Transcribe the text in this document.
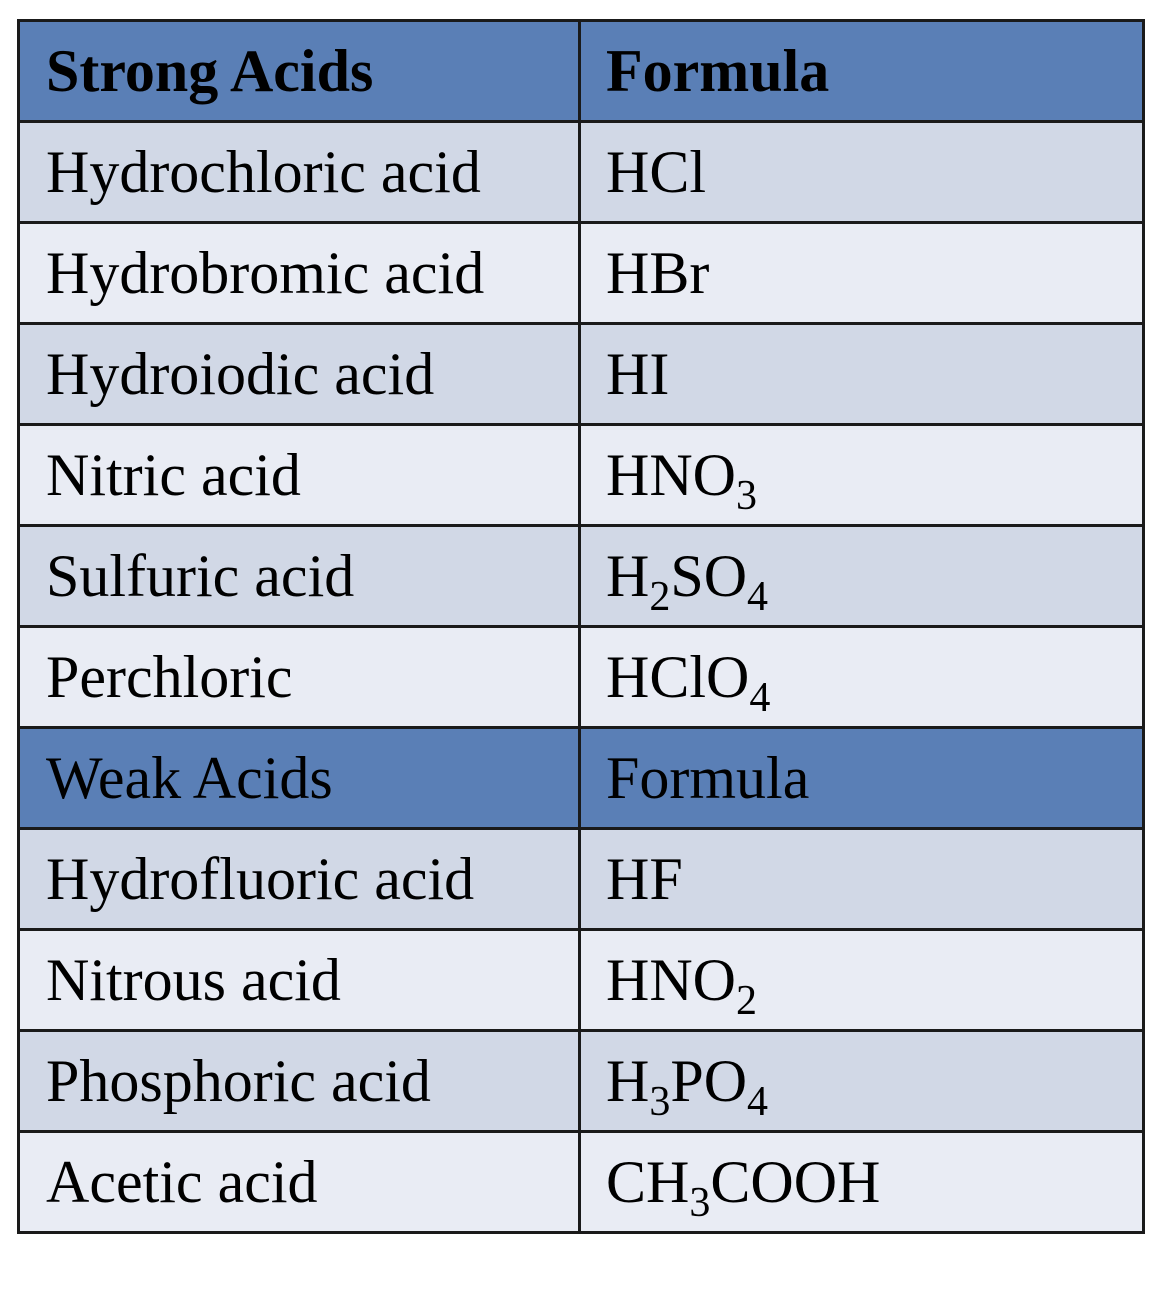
Strong Acids	Formula
Hydrochloric acid	HCl
Hydrobromic acid	HBr
Hydroiodic acid	HI
Nitric acid	$HNO_3$
Sulfuric acid	$H_2SO_4$
Perchloric	HClO$_4$
Weak Acids	Formula
Hydrofluoric acid	HF
Nitrous acid	$HNO_2$
Phosphoric acid	$H_3PO_4$
Acetic acid	$CH_3COOH$
